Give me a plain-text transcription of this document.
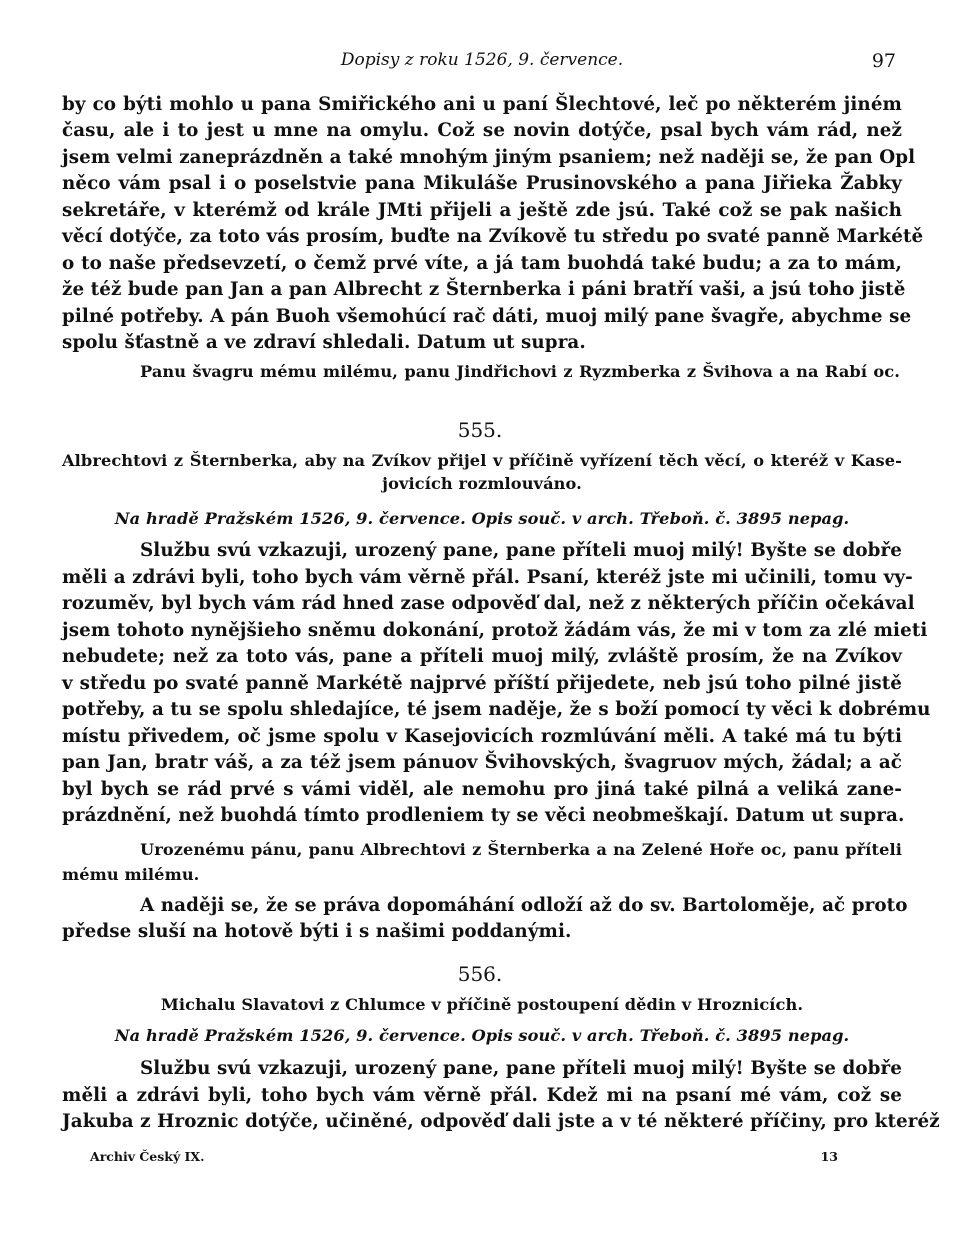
Dopisy z roku 1526, 9. července.	97
by co býti mohlo u pana Smiřického ani u paní Šlechtové, leč po některém jiném
času, ale i to jest u mne na omylu. Což se novin dotýče, psal bych vám rád, než
jsem velmi zaneprázdněn a také mnohým jiným psaniem; než naději se, že pan Opl
něco vám psal i o poselstvie pana Mikuláše Prusinovského a pana Jiřieka Žabky
sekretáře, v kterémž od krále JMti přijeli a ještě zde jsú. Také což se pak našich
věcí dotýče, za toto vás prosím, buďte na Zvíkově tu středu po svaté panně Markétě
o to naše předsevzetí, o čemž prvé víte, a já tam buohdá také budu; a za to mám,
že též bude pan Jan a pan Albrecht z Šternberka i páni bratří vaši, a jsú toho jistě
pilné potřeby. A pán Buoh všemohúcí rač dáti, muoj milý pane švagře, abychme se
spolu šťastně a ve zdraví shledali. Datum ut supra.
Panu švagru mému milému, panu Jindřichovi z Ryzmberka z Švihova a na Rabí oc.
555.
Albrechtovi z Šternberka, aby na Zvíkov přijel v příčině vyřízení těch věcí, o kteréž v Kase-
jovicích rozmlouváno.
Na hradě Pražském 1526, 9. července. Opis souč. v arch. Třeboň. č. 3895 nepag.
Službu svú vzkazuji, urozený pane, pane příteli muoj milý! Byšte se dobře
měli a zdrávi byli, toho bych vám věrně přál. Psaní, kteréž jste mi učinili, tomu vy-
rozuměv, byl bych vám rád hned zase odpověď dal, než z některých příčin očekával
jsem tohoto nynějšieho sněmu dokonání, protož žádám vás, že mi v tom za zlé mieti
nebudete; než za toto vás, pane a příteli muoj milý, zvláště prosím, že na Zvíkov
v středu po svaté panně Markétě najprvé příští přijedete, neb jsú toho pilné jistě
potřeby, a tu se spolu shledajíce, té jsem naděje, že s boží pomocí ty věci k dobrému
místu přivedem, oč jsme spolu v Kasejovicích rozmlúvání měli. A také má tu býti
pan Jan, bratr váš, a za též jsem pánuov Švihovských, švagruov mých, žádal; a ač
byl bych se rád prvé s vámi viděl, ale nemohu pro jiná také pilná a veliká zane-
prázdnění, než buohdá tímto prodleniem ty se věci neobmeškají. Datum ut supra.
Urozenému pánu, panu Albrechtovi z Šternberka a na Zelené Hoře oc, panu příteli
mému milému.
A naději se, že se práva dopomáhání odloží až do sv. Bartoloměje, ač proto
předse sluší na hotově býti i s našimi poddanými.
556.
Michalu Slavatovi z Chlumce v příčině postoupení dědin v Hroznicích.
Na hradě Pražském 1526, 9. července. Opis souč. v arch. Třeboň. č. 3895 nepag.
Službu svú vzkazuji, urozený pane, pane příteli muoj milý! Byšte se dobře
měli a zdrávi byli, toho bych vám věrně přál. Kdež mi na psaní mé vám, což se
Jakuba z Hroznic dotýče, učiněné, odpověď dali jste a v té některé příčiny, pro kteréž
Archiv Český IX.	13
